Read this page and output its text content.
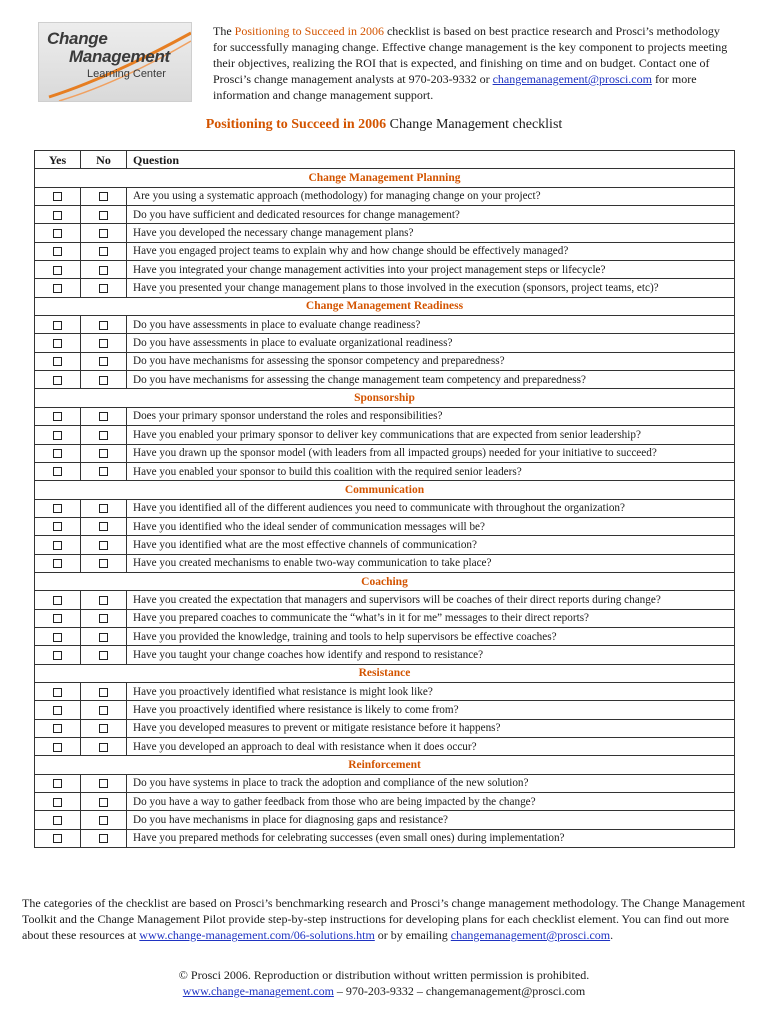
Change
Management
Learning Center
The Positioning to Succeed in 2006 checklist is based on best practice research and Prosci’s methodology for successfully managing change. Effective change management is the key component to projects meeting their objectives, realizing the ROI that is expected, and finishing on time and on budget. Contact one of Prosci’s change management analysts at 970-203-9332 or changemanagement@prosci.com for more information and change management support.
Positioning to Succeed in 2006 Change Management checklist
Yes	No	Question
Change Management Planning		
		Are you using a systematic approach (methodology) for managing change on your project?
		Do you have sufficient and dedicated resources for change management?
		Have you developed the necessary change management plans?
		Have you engaged project teams to explain why and how change should be effectively managed?
		Have you integrated your change management activities into your project management steps or lifecycle?
		Have you presented your change management plans to those involved in the execution (sponsors, project teams, etc)?
Change Management Readiness		
		Do you have assessments in place to evaluate change readiness?
		Do you have assessments in place to evaluate organizational readiness?
		Do you have mechanisms for assessing the sponsor competency and preparedness?
		Do you have mechanisms for assessing the change management team competency and preparedness?
Sponsorship		
		Does your primary sponsor understand the roles and responsibilities?
		Have you enabled your primary sponsor to deliver key communications that are expected from senior leadership?
		Have you drawn up the sponsor model (with leaders from all impacted groups) needed for your initiative to succeed?
		Have you enabled your sponsor to build this coalition with the required senior leaders?
Communication		
		Have you identified all of the different audiences you need to communicate with throughout the organization?
		Have you identified who the ideal sender of communication messages will be?
		Have you identified what are the most effective channels of communication?
		Have you created mechanisms to enable two-way communication to take place?
Coaching		
		Have you created the expectation that managers and supervisors will be coaches of their direct reports during change?
		Have you prepared coaches to communicate the “what’s in it for me” messages to their direct reports?
		Have you provided the knowledge, training and tools to help supervisors be effective coaches?
		Have you taught your change coaches how identify and respond to resistance?
Resistance		
		Have you proactively identified what resistance is might look like?
		Have you proactively identified where resistance is likely to come from?
		Have you developed measures to prevent or mitigate resistance before it happens?
		Have you developed an approach to deal with resistance when it does occur?
Reinforcement		
		Do you have systems in place to track the adoption and compliance of the new solution?
		Do you have a way to gather feedback from those who are being impacted by the change?
		Do you have mechanisms in place for diagnosing gaps and resistance?
		Have you prepared methods for celebrating successes (even small ones) during implementation?
The categories of the checklist are based on Prosci’s benchmarking research and Prosci’s change management methodology. The Change Management Toolkit and the Change Management Pilot provide step-by-step instructions for developing plans for each checklist element. You can find out more about these resources at www.change-management.com/06-solutions.htm or by emailing changemanagement@prosci.com.
© Prosci 2006. Reproduction or distribution without written permission is prohibited.
www.change-management.com – 970-203-9332 – changemanagement@prosci.com
